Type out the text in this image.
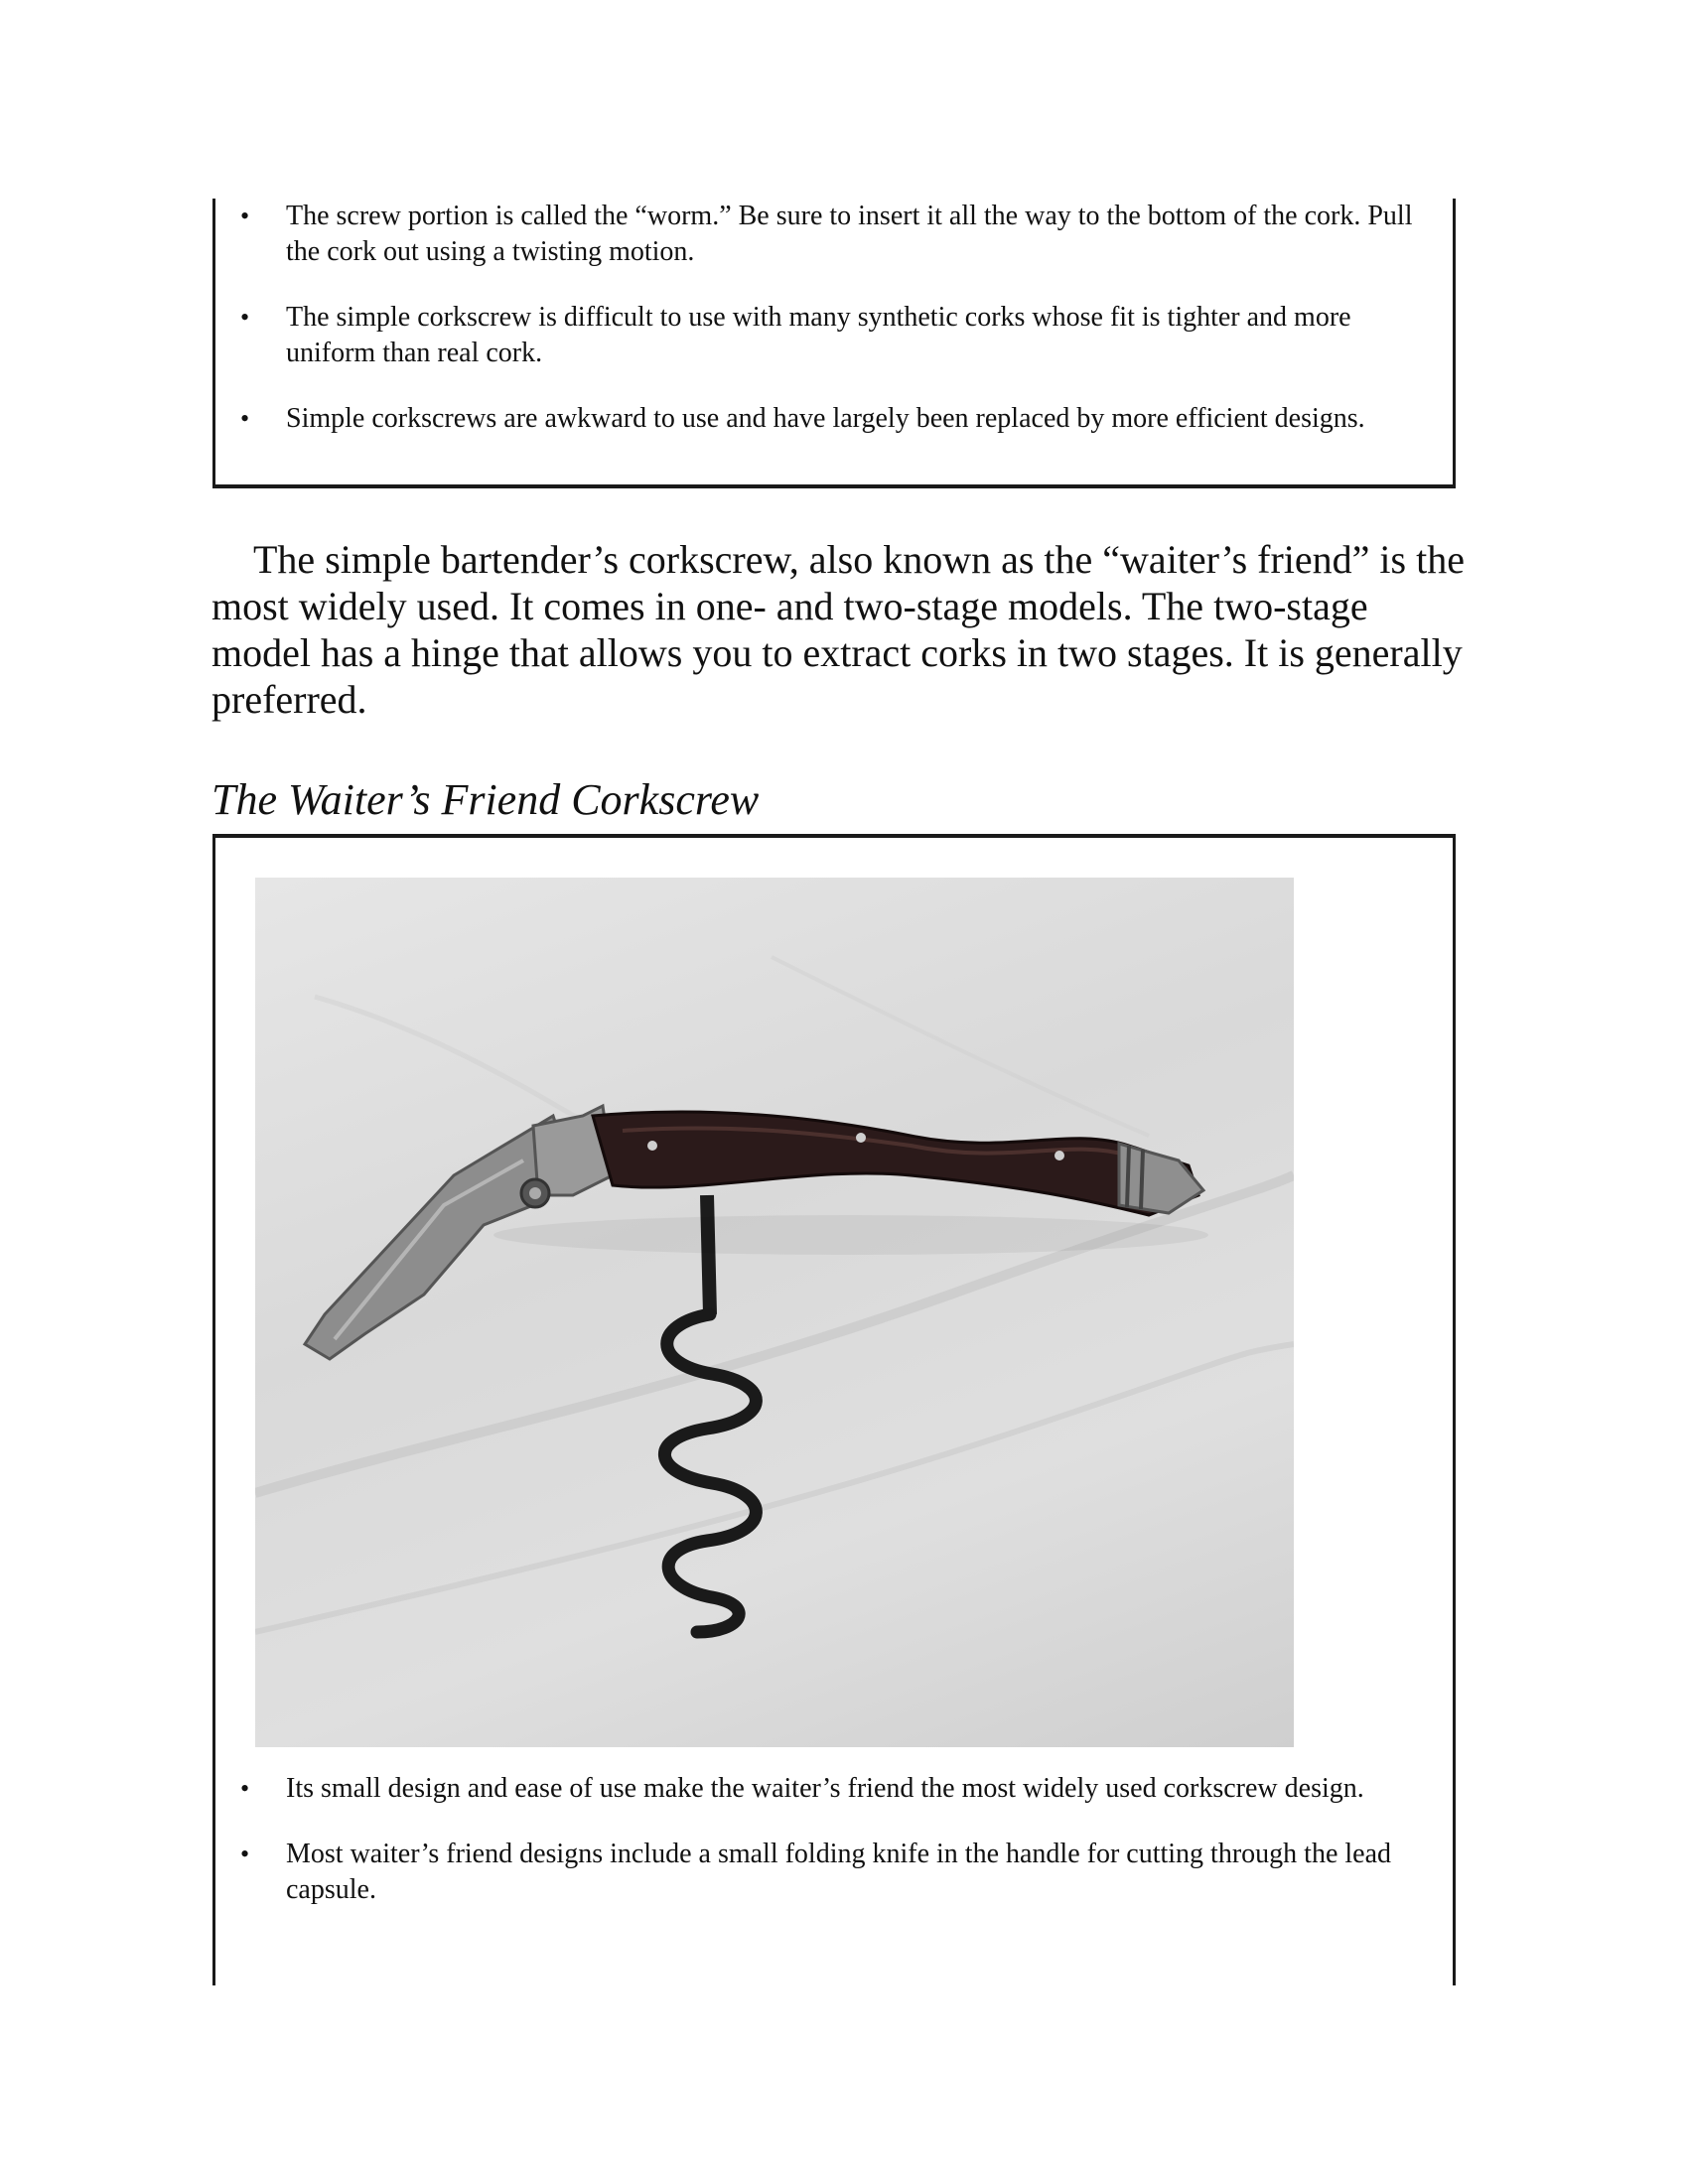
• The screw portion is called the “worm.” Be sure to insert it all the way to the bottom of the cork. Pull the cork out using a twisting motion.
• The simple corkscrew is difficult to use with many synthetic corks whose fit is tighter and more uniform than real cork.
• Simple corkscrews are awkward to use and have largely been replaced by more efficient designs.

The simple bartender’s corkscrew, also known as the “waiter’s friend” is the most widely used. It comes in one- and two-stage models. The two-stage model has a hinge that allows you to extract corks in two stages. It is generally preferred.

The Waiter’s Friend Corkscrew
• Its small design and ease of use make the waiter’s friend the most widely used corkscrew design.
• Most waiter’s friend designs include a small folding knife in the handle for cutting through the lead capsule.
